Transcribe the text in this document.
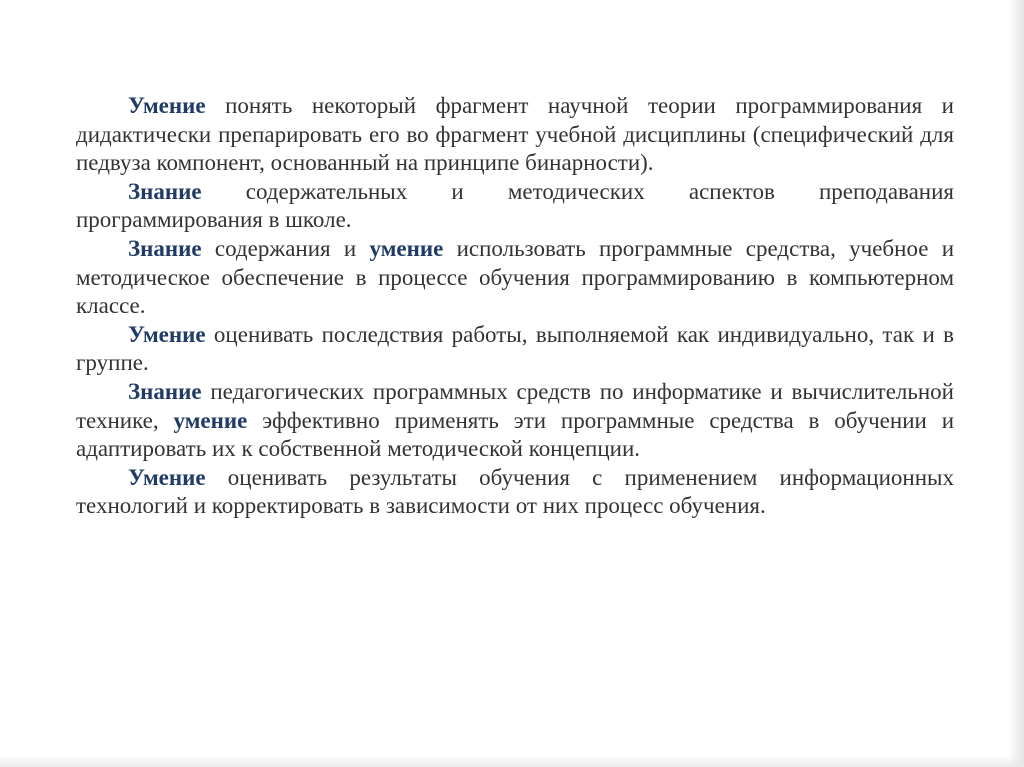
Умение понять некоторый фрагмент научной теории программирования и дидактически препарировать его во фрагмент учебной дисциплины (специфический для педвуза компонент, основанный на принципе бинарности).

Знание содержательных и методических аспектов преподавания программирования в школе.

Знание содержания и умение использовать программные средства, учебное и методическое обеспечение в процессе обучения программированию в компьютерном классе.

Умение оценивать последствия работы, выполняемой как индивидуально, так и в группе.

Знание педагогических программных средств по информатике и вычислительной технике, умение эффективно применять эти программные средства в обучении и адаптировать их к собственной методической концепции.

Умение оценивать результаты обучения с применением информационных технологий и корректировать в зависимости от них процесс обучения.
